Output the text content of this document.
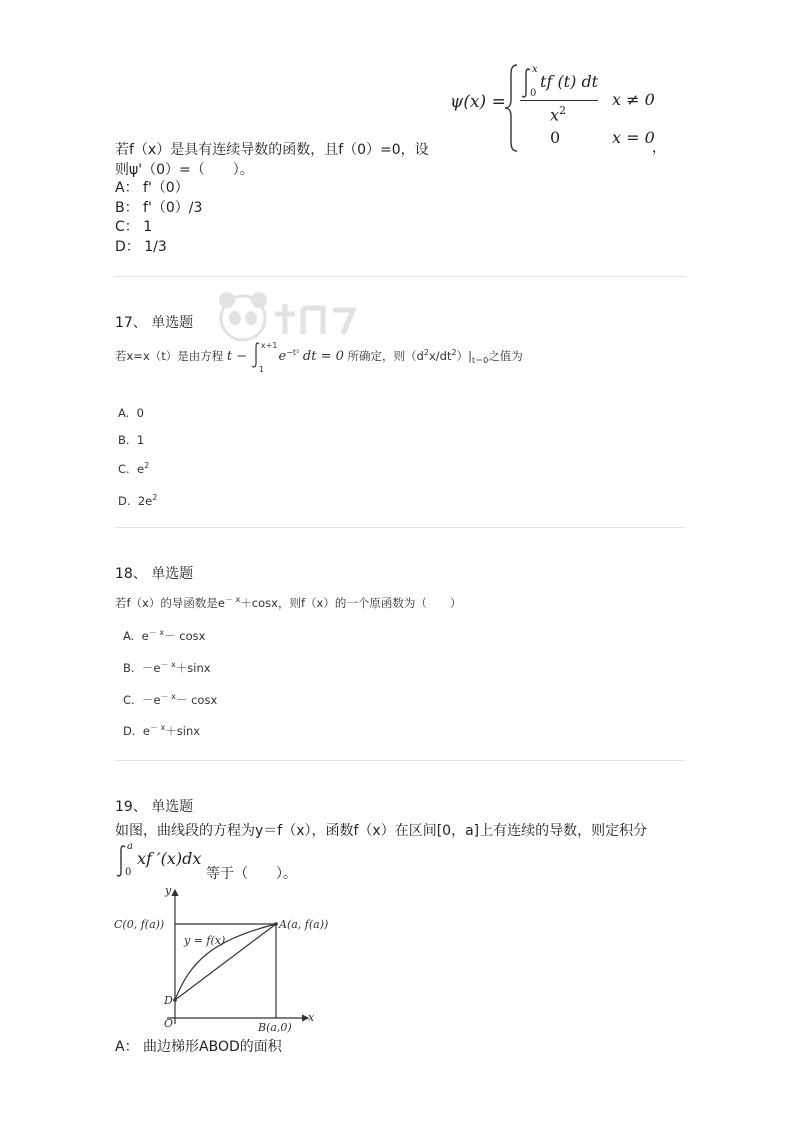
ψ(x) =
x
0
tf (t) dt
$x^2$
x ≠ 0
0	x = 0
，
若f（x）是具有连续导数的函数，且f（0）=0，设
则ψ'（0）=（　　）。
A： f'（0）
B： f'（0）/3
C： 1
D： 1/3
17、 单选题
若x=x（t）是由方程 t −
x+1
1
$e^{-t^2}$ dt = 0 所确定，则$(d^2x/dt^2)|_{t=0}$之值为
A. 0
B. 1
C. $e^2$
D. $2e^2$
18、 单选题
若f（x）的导函数是$e^{- x}+\cos x$，则f（x）的一个原函数为（　　）
A. $e^{- x}- \cos x$
B. $-e^{- x}+\sin x$
C. $-e^{- x}- \cos x$
D. $e^{- x}+\sin x$
19、 单选题
如图，曲线段的方程为y＝f（x），函数f（x）在区间[0，a]上有连续的导数，则定积分
a
0
xf ′(x)dx
等于（　　）。
y
x
C(0, f(a))	A(a, f(a))
y = f(x)
D
O	B(a,0)
A： 曲边梯形ABOD的面积
